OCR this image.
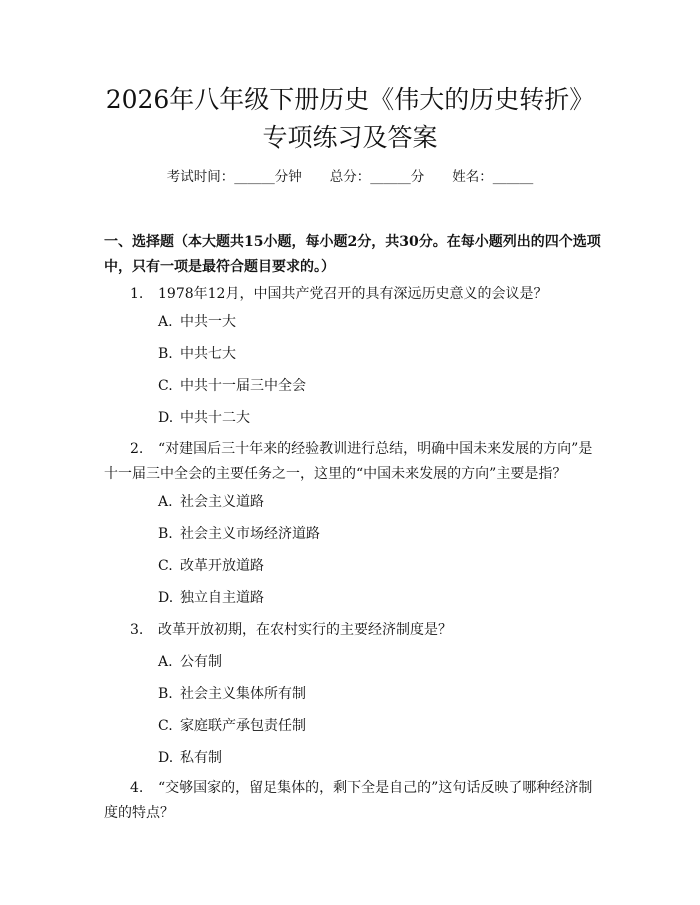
2026年八年级下册历史《伟大的历史转折》
专项练习及答案
考试时间：______分钟 总分：______分 姓名：______
一、选择题（本大题共15小题，每小题2分，共30分。在每小题列出的四个选项中，只有一项是最符合题目要求的。）
1. 1978年12月，中国共产党召开的具有深远历史意义的会议是？
A. 中共一大
B. 中共七大
C. 中共十一届三中全会
D. 中共十二大
2. “对建国后三十年来的经验教训进行总结，明确中国未来发展的方向”是十一届三中全会的主要任务之一，这里的“中国未来发展的方向”主要是指？
A. 社会主义道路
B. 社会主义市场经济道路
C. 改革开放道路
D. 独立自主道路
3. 改革开放初期，在农村实行的主要经济制度是？
A. 公有制
B. 社会主义集体所有制
C. 家庭联产承包责任制
D. 私有制
4. “交够国家的，留足集体的，剩下全是自己的”这句话反映了哪种经济制度的特点？
